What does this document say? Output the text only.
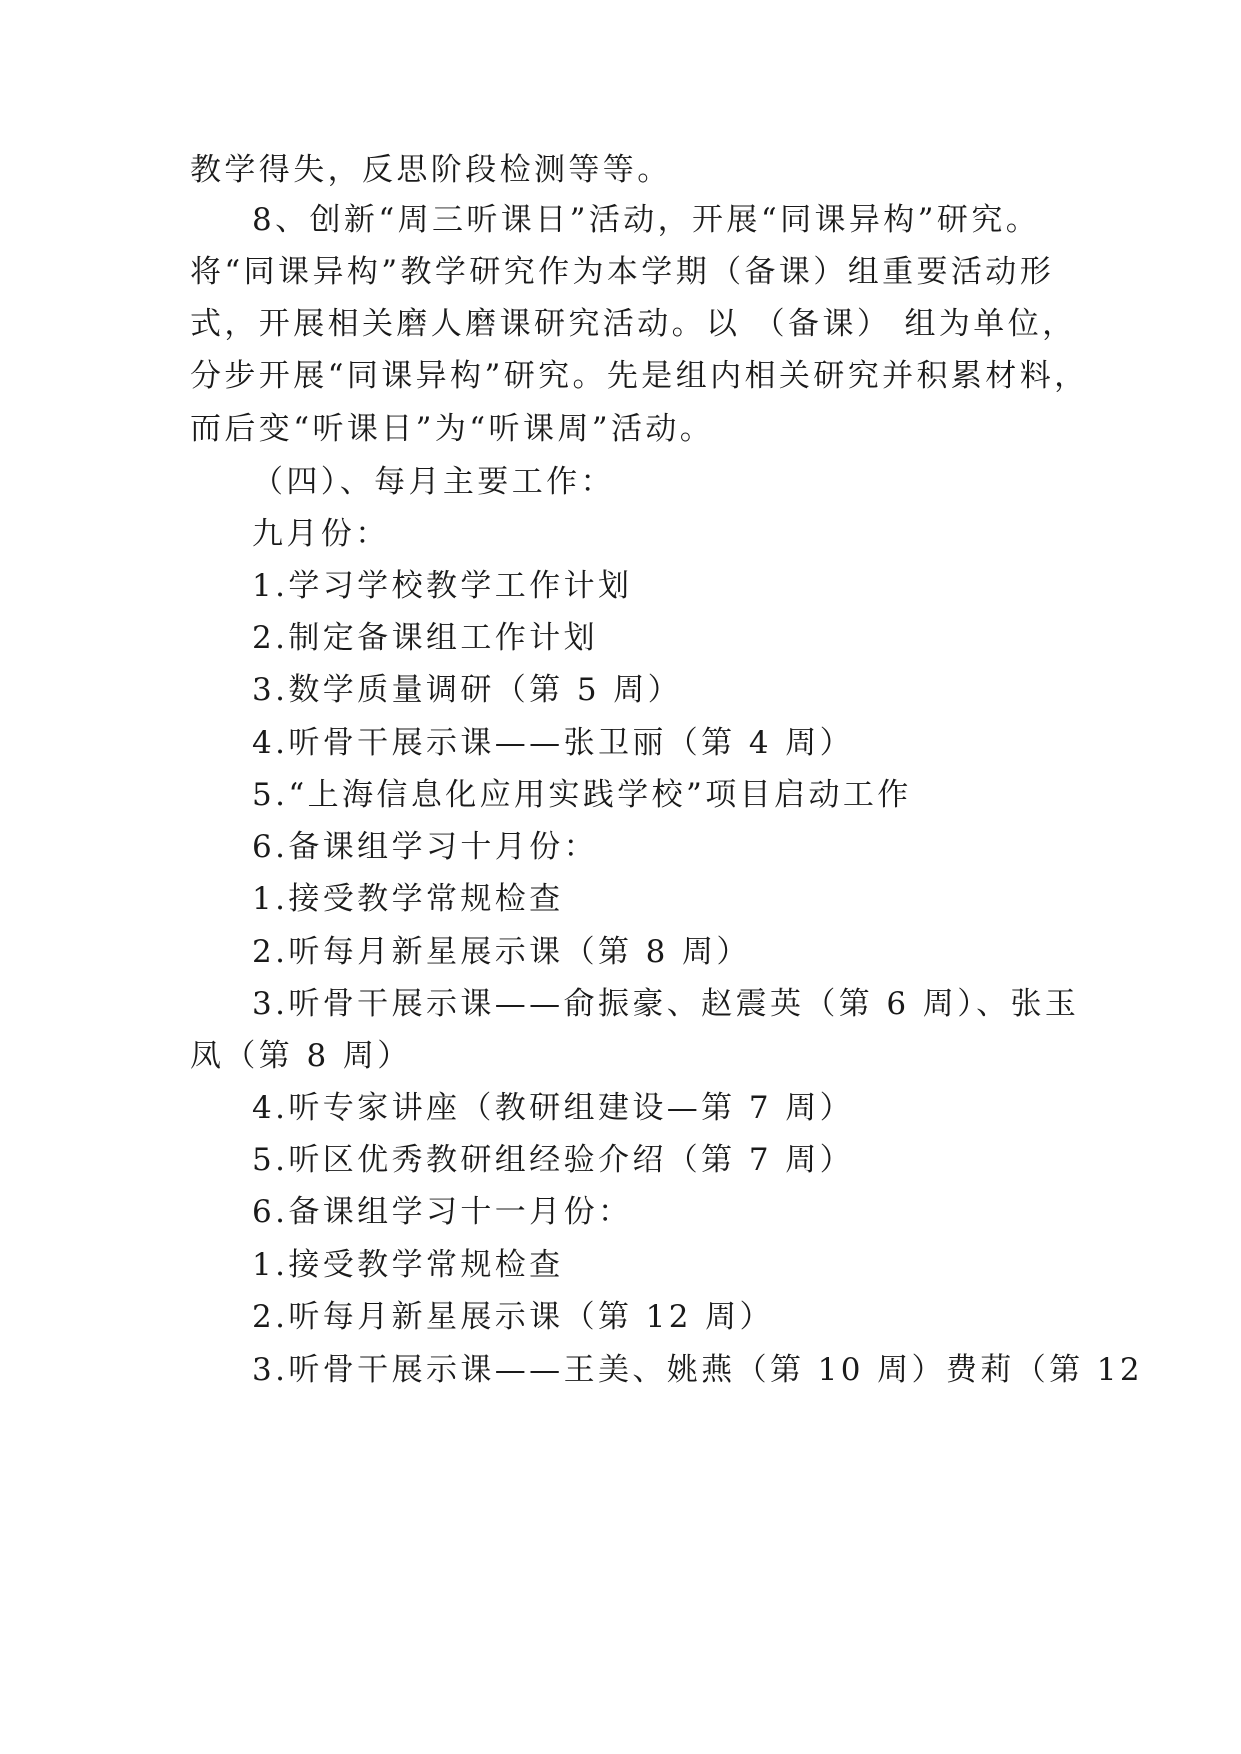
教学得失，反思阶段检测等等。
8、创新“周三听课日”活动，开展“同课异构”研究。
将“同课异构”教学研究作为本学期（备课）组重要活动形
式，开展相关磨人磨课研究活动。以 （备课） 组为单位，
分步开展“同课异构”研究。先是组内相关研究并积累材料，
而后变“听课日”为“听课周”活动。
（四）、每月主要工作：
九月份：
1.学习学校教学工作计划
2.制定备课组工作计划
3.数学质量调研（第 5 周）
4.听骨干展示课——张卫丽（第 4 周）
5.“上海信息化应用实践学校”项目启动工作
6.备课组学习十月份：
1.接受教学常规检查
2.听每月新星展示课（第 8 周）
3.听骨干展示课——俞振豪、赵震英（第 6 周）、张玉
凤（第 8 周）
4.听专家讲座（教研组建设—第 7 周）
5.听区优秀教研组经验介绍（第 7 周）
6.备课组学习十一月份：
1.接受教学常规检查
2.听每月新星展示课（第 12 周）
3.听骨干展示课——王美、姚燕（第 10 周）费莉（第 12
